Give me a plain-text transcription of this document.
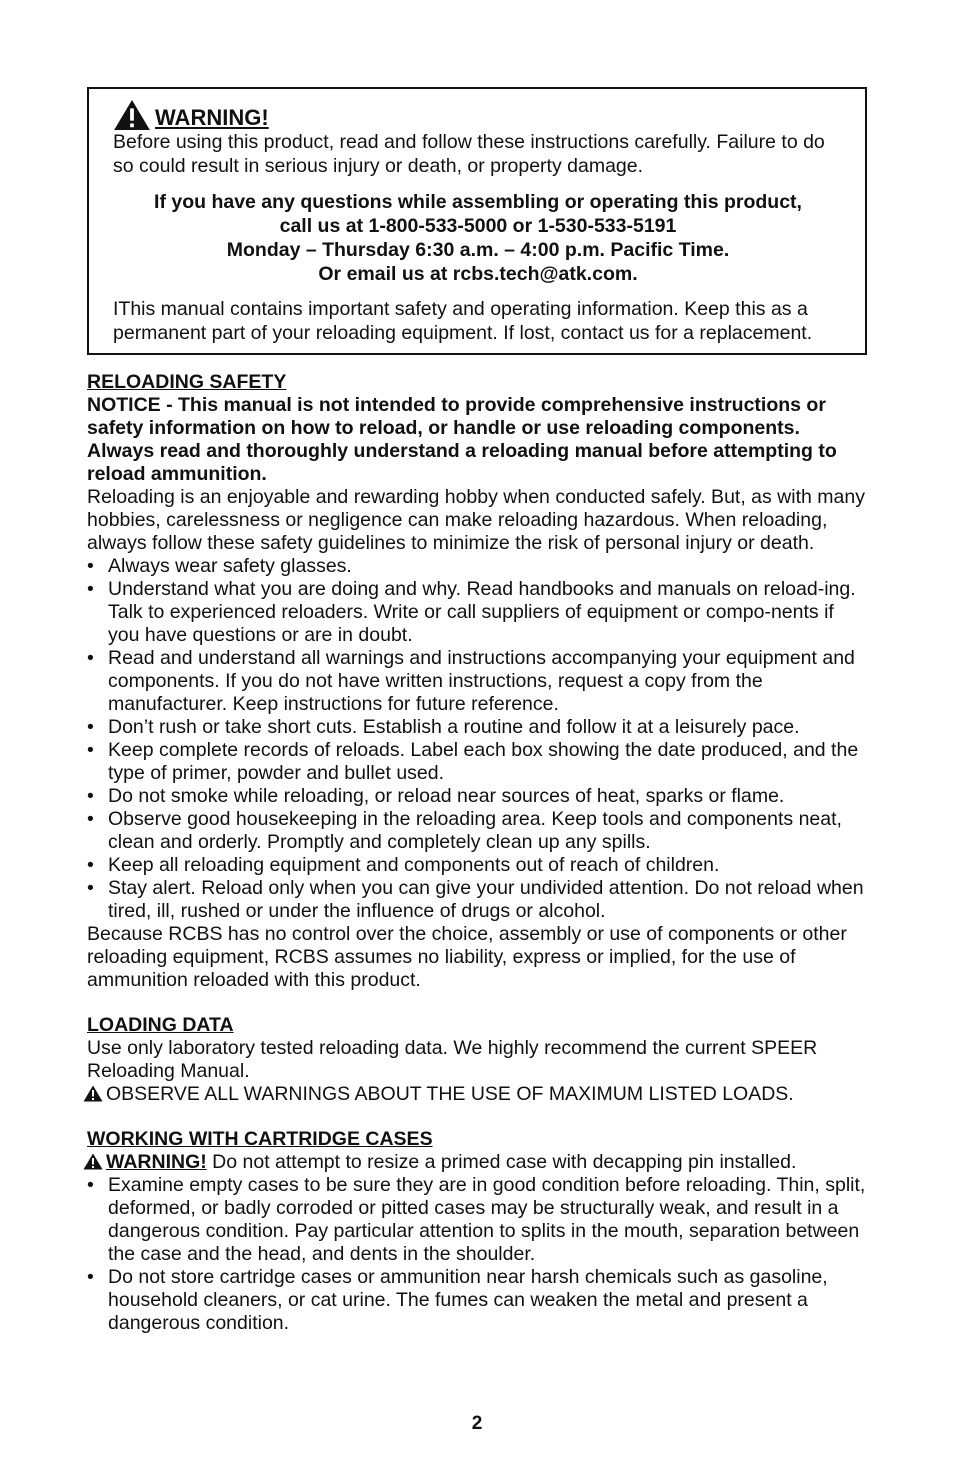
WARNING!

Before using this product, read and follow these instructions carefully. Failure to do so could result in serious injury or death, or property damage.

If you have any questions while assembling or operating this product,
call us at 1-800-533-5000 or 1-530-533-5191
Monday – Thursday 6:30 a.m. – 4:00 p.m. Pacific Time.
Or email us at rcbs.tech@atk.com.

IThis manual contains important safety and operating information. Keep this as a permanent part of your reloading equipment. If lost, contact us for a replacement.

RELOADING SAFETY

NOTICE - This manual is not intended to provide comprehensive instructions or safety information on how to reload, or handle or use reloading components. Always read and thoroughly understand a reloading manual before attempting to reload ammunition.

Reloading is an enjoyable and rewarding hobby when conducted safely. But, as with many hobbies, carelessness or negligence can make reloading hazardous. When reloading, always follow these safety guidelines to minimize the risk of personal injury or death.

• Always wear safety glasses.
• Understand what you are doing and why. Read handbooks and manuals on reload-ing. Talk to experienced reloaders. Write or call suppliers of equipment or compo-nents if you have questions or are in doubt.
• Read and understand all warnings and instructions accompanying your equipment and components. If you do not have written instructions, request a copy from the manufacturer. Keep instructions for future reference.
• Don’t rush or take short cuts. Establish a routine and follow it at a leisurely pace.
• Keep complete records of reloads. Label each box showing the date produced, and the type of primer, powder and bullet used.
• Do not smoke while reloading, or reload near sources of heat, sparks or flame.
• Observe good housekeeping in the reloading area. Keep tools and components neat, clean and orderly. Promptly and completely clean up any spills.
• Keep all reloading equipment and components out of reach of children.
• Stay alert. Reload only when you can give your undivided attention. Do not reload when tired, ill, rushed or under the influence of drugs or alcohol.

Because RCBS has no control over the choice, assembly or use of components or other reloading equipment, RCBS assumes no liability, express or implied, for the use of ammunition reloaded with this product.

LOADING DATA

Use only laboratory tested reloading data. We highly recommend the current SPEER Reloading Manual.

OBSERVE ALL WARNINGS ABOUT THE USE OF MAXIMUM LISTED LOADS.

WORKING WITH CARTRIDGE CASES

WARNING! Do not attempt to resize a primed case with decapping pin installed.

• Examine empty cases to be sure they are in good condition before reloading. Thin, split, deformed, or badly corroded or pitted cases may be structurally weak, and result in a dangerous condition. Pay particular attention to splits in the mouth, separation between the case and the head, and dents in the shoulder.
• Do not store cartridge cases or ammunition near harsh chemicals such as gasoline, household cleaners, or cat urine. The fumes can weaken the metal and present a dangerous condition.
2
